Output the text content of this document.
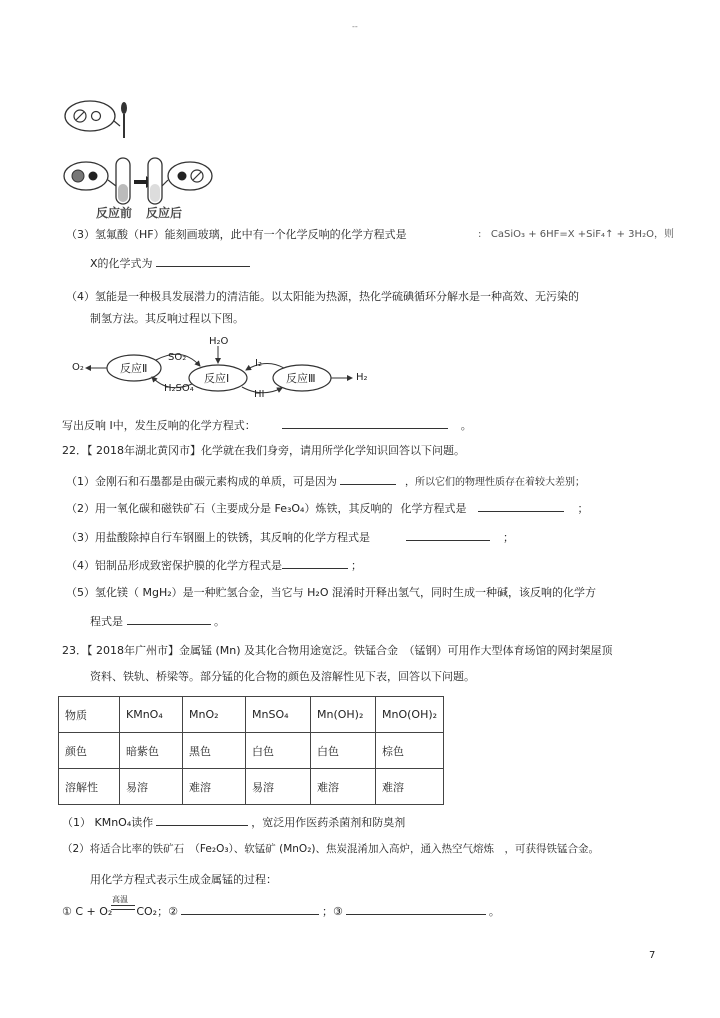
--
反应前 反应后
（3）氢氟酸（HF）能刻画玻璃，此中有一个化学反响的化学方程式是	:   CaSiO₃ + 6HF=X +SiF₄↑ + 3H₂O，则
X的化学式为
（4）氢能是一种极具发展潜力的清洁能。以太阳能为热源，热化学硫碘循环分解水是一种高效、无污染的
制氢方法。其反响过程以下图。
O₂	反应Ⅱ
SO₂
H₂SO₄
H₂O
反应Ⅰ
I₂
HI
反应Ⅲ	H₂
写出反响 Ⅰ中，发生反响的化学方程式：	。
22．【 2018年湖北黄冈市】化学就在我们身旁，请用所学化学知识回答以下问题。
（1）金刚石和石墨都是由碳元素构成的单质，可是因为	，所以它们的物理性质存在着较大差别；
（2）用一氧化碳和磁铁矿石（主要成分是 Fe₃O₄）炼铁，其反响的 化学方程式是	；
（3）用盐酸除掉自行车钢圈上的铁锈，其反响的化学方程式是	；
（4）铝制品形成致密保护膜的化学方程式是	；
（5）氢化镁（ MgH₂）是一种贮氢合金，当它与 H₂O 混淆时开释出氢气，同时生成一种碱，该反响的化学方
程式是	。
23．【 2018年广州市】金属锰 (Mn) 及其化合物用途宽泛。铁锰合金　（锰钢）可用作大型体育场馆的网封架屋顶
资料、铁轨、桥梁等。部分锰的化合物的颜色及溶解性见下表，回答以下问题。
物质	KMnO₄	MnO₂	MnSO₄	Mn(OH)₂	MnO(OH)₂
颜色	暗紫色	黑色	白色	白色	棕色
溶解性	易溶	难溶	易溶	难溶	难溶
（1） KMnO₄读作	，宽泛用作医药杀菌剂和防臭剂
（2）将适合比率的铁矿石　（Fe₂O₃）、软锰矿 (MnO₂)、焦炭混淆加入高炉，通入热空气熔炼　，可获得铁锰合金。
用化学方程式表示生成金属锰的过程：
高温
① C + O₂ CO₂；②	；③	。
7
